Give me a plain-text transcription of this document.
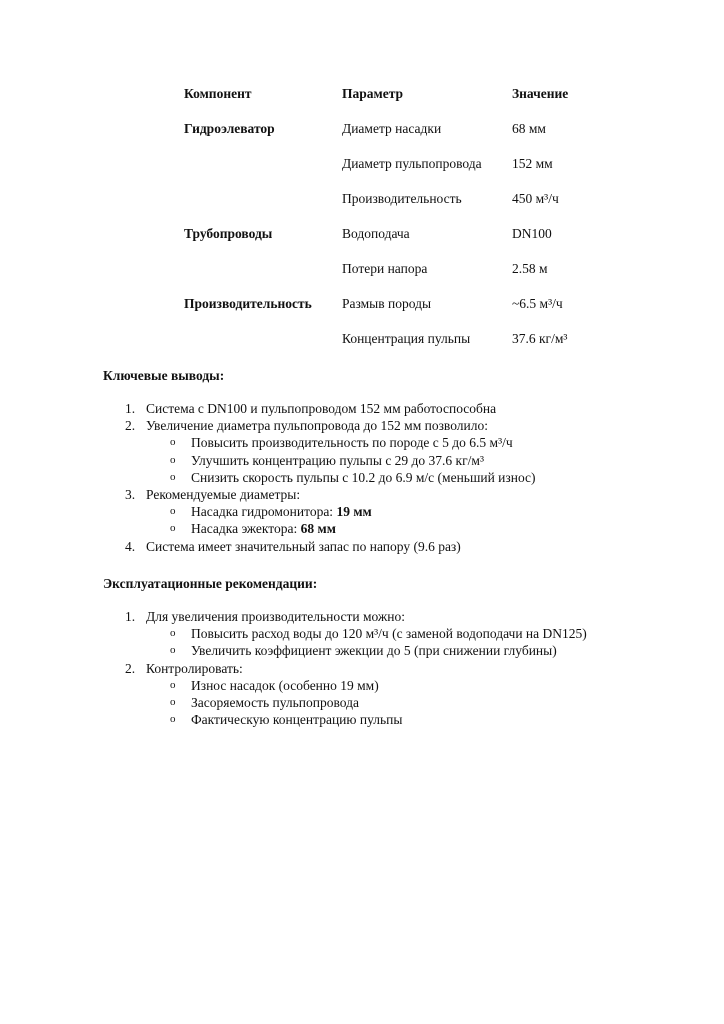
Компонент	Параметр	Значение
Гидроэлеватор	Диаметр насадки	68 мм
	Диаметр пульпопровода	152 мм
	Производительность	450 м³/ч
Трубопроводы	Водоподача	DN100
	Потери напора	2.58 м
Производительность	Размыв породы	~6.5 м³/ч
	Концентрация пульпы	37.6 кг/м³

Ключевые выводы:

1. Система с DN100 и пульпопроводом 152 мм работоспособна
2. Увеличение диаметра пульпопровода до 152 мм позволило:
o Повысить производительность по породе с 5 до 6.5 м³/ч
o Улучшить концентрацию пульпы с 29 до 37.6 кг/м³
o Снизить скорость пульпы с 10.2 до 6.9 м/с (меньший износ)
3. Рекомендуемые диаметры:
o Насадка гидромонитора: 19 мм
o Насадка эжектора: 68 мм
4. Система имеет значительный запас по напору (9.6 раз)

Эксплуатационные рекомендации:

1. Для увеличения производительности можно:
o Повысить расход воды до 120 м³/ч (с заменой водоподачи на DN125)
o Увеличить коэффициент эжекции до 5 (при снижении глубины)
2. Контролировать:
o Износ насадок (особенно 19 мм)
o Засоряемость пульпопровода
o Фактическую концентрацию пульпы
